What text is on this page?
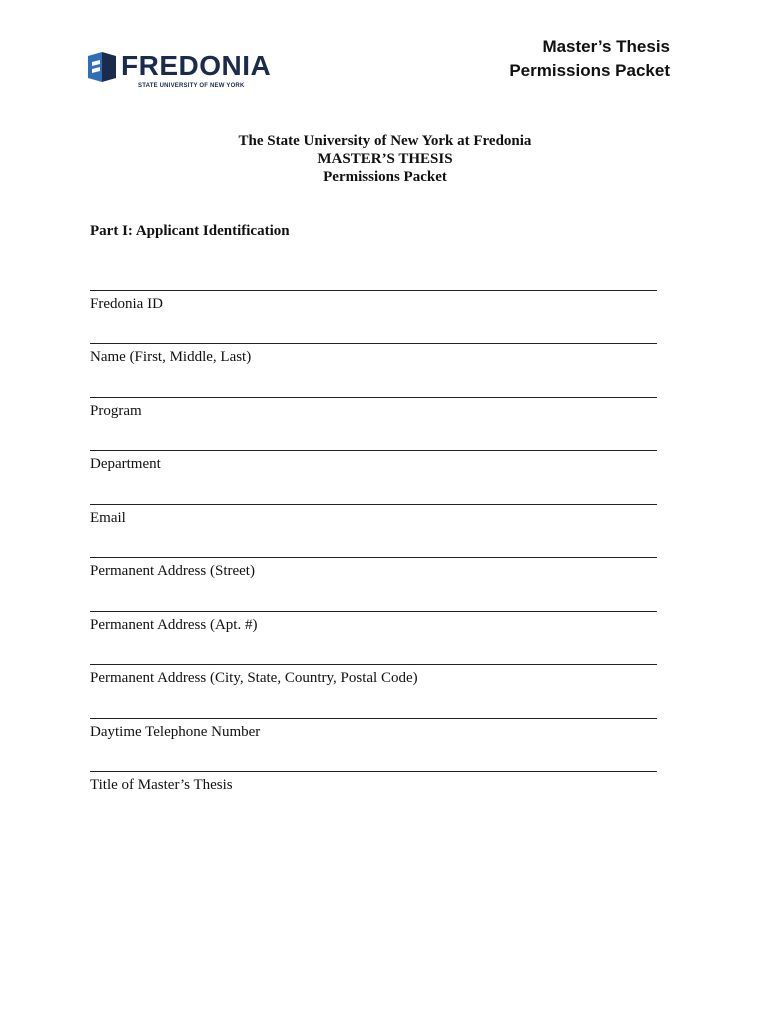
FREDONIA
STATE UNIVERSITY OF NEW YORK
Master’s Thesis
Permissions Packet
The State University of New York at Fredonia
MASTER’S THESIS
Permissions Packet
Part I: Applicant Identification
Fredonia ID
Name (First, Middle, Last)
Program
Department
Email
Permanent Address (Street)
Permanent Address (Apt. #)
Permanent Address (City, State, Country, Postal Code)
Daytime Telephone Number
Title of Master’s Thesis
